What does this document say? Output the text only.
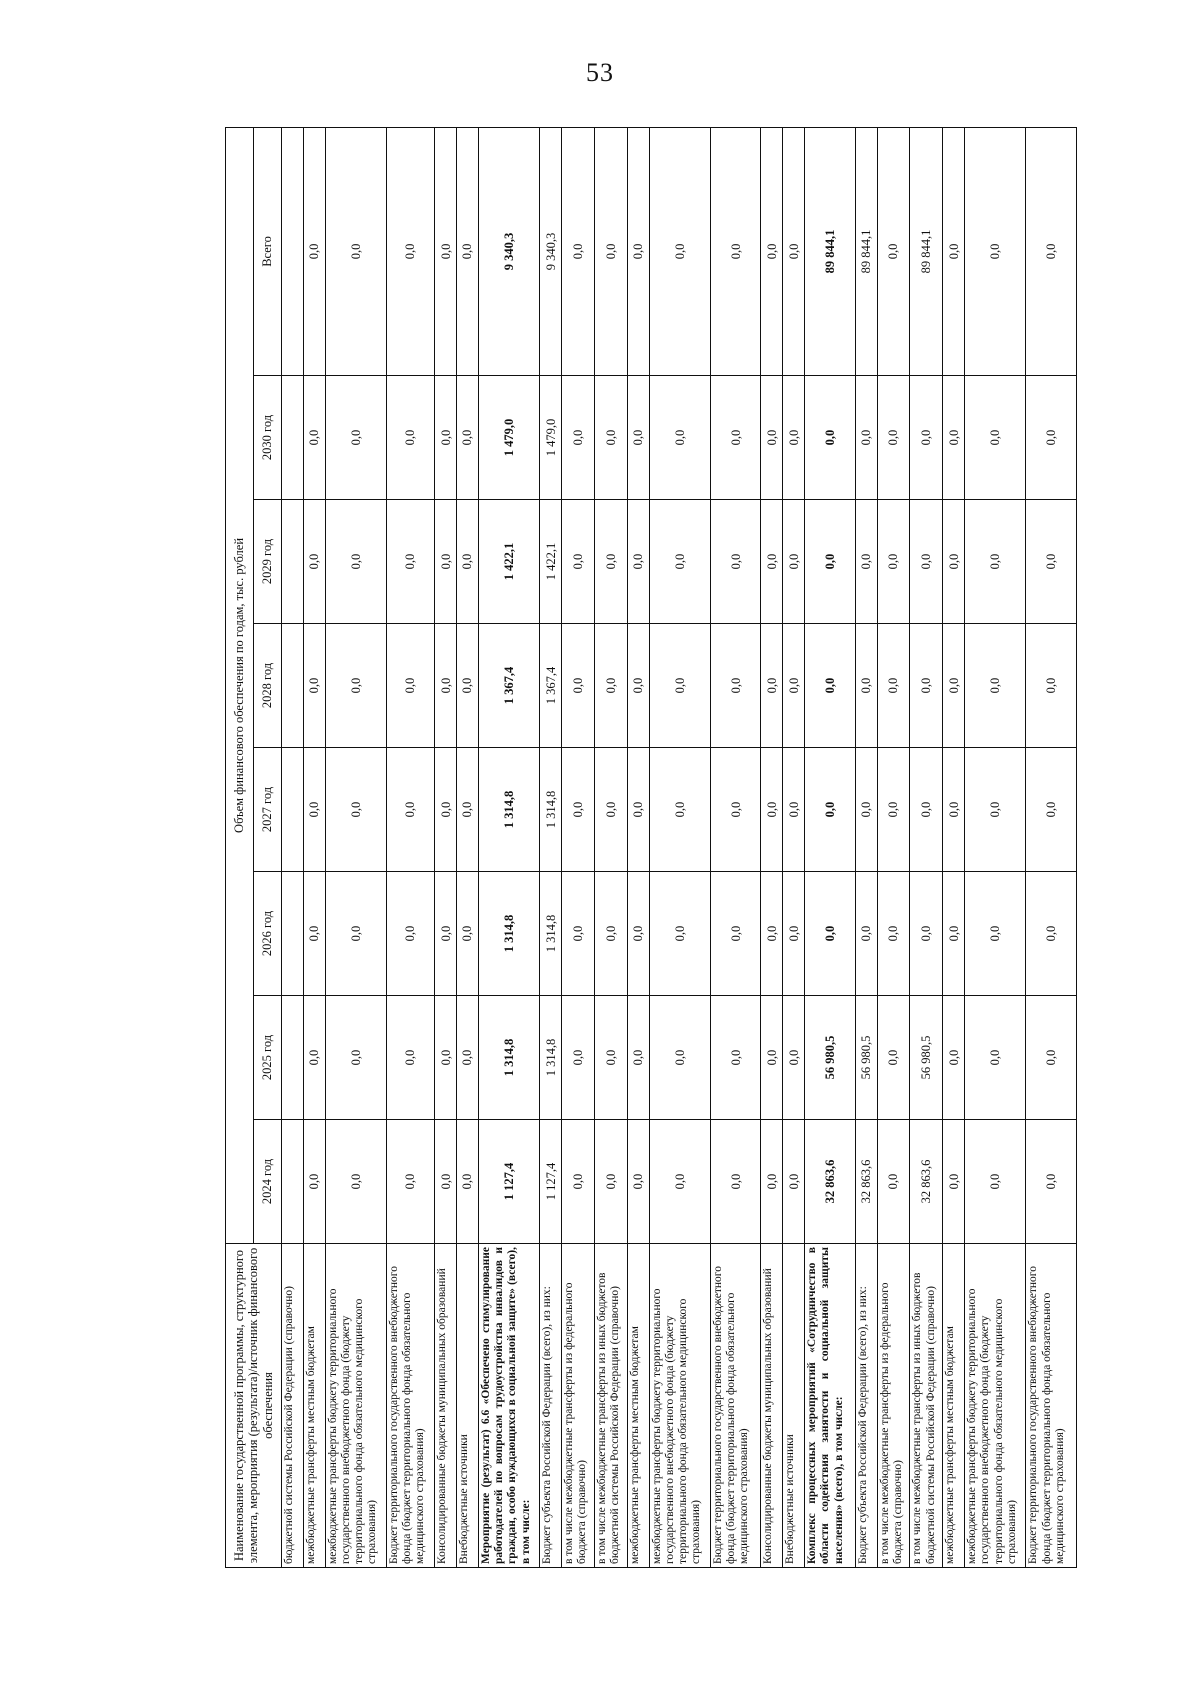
53
Наименование государственной программы, структурного элемента, мероприятия (результата)/источник финансового обеспечения	Объем финансового обеспечения по годам, тыс. рублей							
	2024 год	2025 год	2026 год	2027 год	2028 год	2029 год	2030 год	Всего
бюджетной системы Российской Федерации (справочно)								
межбюджетные трансферты местным бюджетам	0,0	0,0	0,0	0,0	0,0	0,0	0,0	0,0
межбюджетные трансферты бюджету территориального государственного внебюджетного фонда (бюджету территориального фонда обязательного медицинского страхования)	0,0	0,0	0,0	0,0	0,0	0,0	0,0	0,0
Бюджет территориального государственного внебюджетного фонда (бюджет территориального фонда обязательного медицинского страхования)	0,0	0,0	0,0	0,0	0,0	0,0	0,0	0,0
Консолидированные бюджеты муниципальных образований	0,0	0,0	0,0	0,0	0,0	0,0	0,0	0,0
Внебюджетные источники	0,0	0,0	0,0	0,0	0,0	0,0	0,0	0,0
Мероприятие (результат) 6.6 «Обеспечено стимулирование работодателей по вопросам трудоустройства инвалидов и граждан, особо нуждающихся в социальной защите» (всего), в том числе:	1 127,4	1 314,8	1 314,8	1 314,8	1 367,4	1 422,1	1 479,0	9 340,3
Бюджет субъекта Российской Федерации (всего), из них:	1 127,4	1 314,8	1 314,8	1 314,8	1 367,4	1 422,1	1 479,0	9 340,3
в том числе межбюджетные трансферты из федерального бюджета (справочно)	0,0	0,0	0,0	0,0	0,0	0,0	0,0	0,0
в том числе межбюджетные трансферты из иных бюджетов бюджетной системы Российской Федерации (справочно)	0,0	0,0	0,0	0,0	0,0	0,0	0,0	0,0
межбюджетные трансферты местным бюджетам	0,0	0,0	0,0	0,0	0,0	0,0	0,0	0,0
межбюджетные трансферты бюджету территориального государственного внебюджетного фонда (бюджету территориального фонда обязательного медицинского страхования)	0,0	0,0	0,0	0,0	0,0	0,0	0,0	0,0
Бюджет территориального государственного внебюджетного фонда (бюджет территориального фонда обязательного медицинского страхования)	0,0	0,0	0,0	0,0	0,0	0,0	0,0	0,0
Консолидированные бюджеты муниципальных образований	0,0	0,0	0,0	0,0	0,0	0,0	0,0	0,0
Внебюджетные источники	0,0	0,0	0,0	0,0	0,0	0,0	0,0	0,0
Комплекс процессных мероприятий «Сотрудничество в области содействия занятости и социальной защиты населения» (всего), в том числе:	32 863,6	56 980,5	0,0	0,0	0,0	0,0	0,0	89 844,1
Бюджет субъекта Российской Федерации (всего), из них:	32 863,6	56 980,5	0,0	0,0	0,0	0,0	0,0	89 844,1
в том числе межбюджетные трансферты из федерального бюджета (справочно)	0,0	0,0	0,0	0,0	0,0	0,0	0,0	0,0
в том числе межбюджетные трансферты из иных бюджетов бюджетной системы Российской Федерации (справочно)	32 863,6	56 980,5	0,0	0,0	0,0	0,0	0,0	89 844,1
межбюджетные трансферты местным бюджетам	0,0	0,0	0,0	0,0	0,0	0,0	0,0	0,0
межбюджетные трансферты бюджету территориального государственного внебюджетного фонда (бюджету территориального фонда обязательного медицинского страхования)	0,0	0,0	0,0	0,0	0,0	0,0	0,0	0,0
Бюджет территориального государственного внебюджетного фонда (бюджет территориального фонда обязательного медицинского страхования)	0,0	0,0	0,0	0,0	0,0	0,0	0,0	0,0
